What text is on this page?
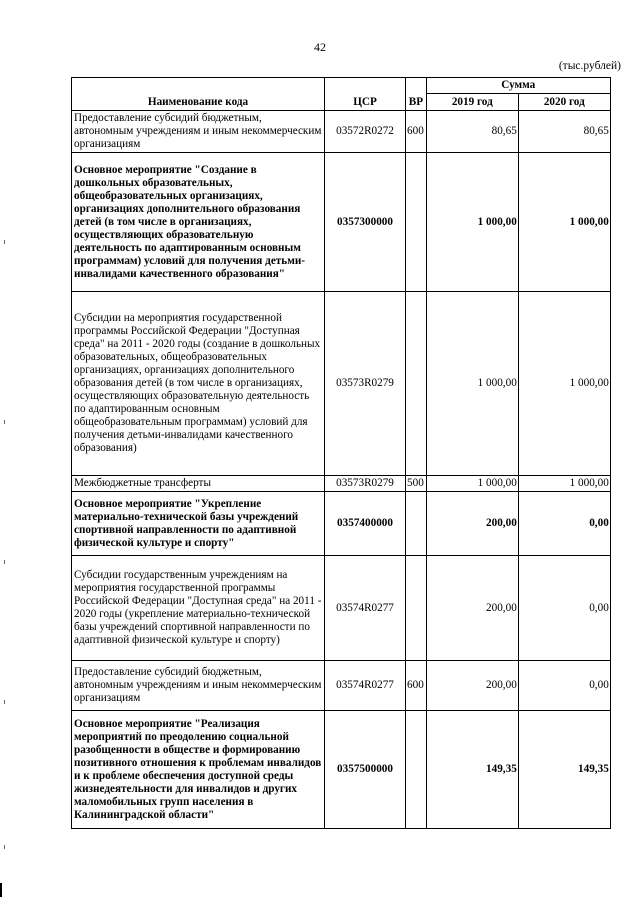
42
(тыс.рублей)
Наименование кода	ЦСР	ВР	Сумма	
			2019 год	2020 год
Предоставление субсидий бюджетным, автономным учреждениям и иным некоммерческим организациям	03572R0272	600	80,65	80,65
Основное мероприятие "Создание в дошкольных образовательных, общеобразовательных организациях, организациях дополнительного образования детей (в том числе в организациях, осуществляющих образовательную деятельность по адаптированным основным программам) условий для получения детьми-инвалидами качественного образования"	0357300000		1 000,00	1 000,00
Субсидии на мероприятия государственной программы Российской Федерации "Доступная среда" на 2011 - 2020 годы (создание в дошкольных образовательных, общеобразовательных организациях, организациях дополнительного образования детей (в том числе в организациях, осуществляющих образовательную деятельность по адаптированным основным общеобразовательным программам) условий для получения детьми-инвалидами качественного образования)	03573R0279		1 000,00	1 000,00
Межбюджетные трансферты	03573R0279	500	1 000,00	1 000,00
Основное мероприятие "Укрепление материально-технической базы учреждений спортивной направленности по адаптивной физической культуре и спорту"	0357400000		200,00	0,00
Субсидии государственным учреждениям на мероприятия государственной программы Российской Федерации "Доступная среда" на 2011 - 2020 годы (укрепление материально-технической базы учреждений спортивной направленности по адаптивной физической культуре и спорту)	03574R0277		200,00	0,00
Предоставление субсидий бюджетным, автономным учреждениям и иным некоммерческим организациям	03574R0277	600	200,00	0,00
Основное мероприятие "Реализация мероприятий по преодолению социальной разобщенности в обществе и формированию позитивного отношения к проблемам инвалидов и к проблеме обеспечения доступной среды жизнедеятельности для инвалидов и других маломобильных групп населения в Калининградской области"	0357500000		149,35	149,35
